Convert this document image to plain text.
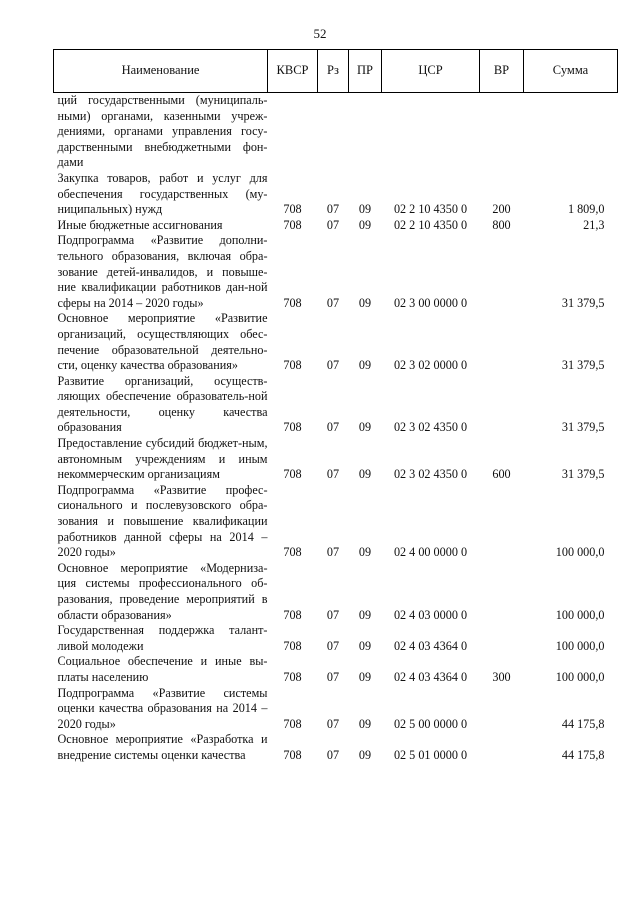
52
Наименование	КВСР	Рз	ПР	ЦСР	ВР	Сумма
ций государственными (муниципаль-ными) органами, казенными учреж-дениями, органами управления госу-дарственными внебюджетными фон-дами						
Закупка товаров, работ и услуг для обеспечения государственных (му-ниципальных) нужд	708	07	09	02 2 10 4350 0	200	1 809,0
Иные бюджетные ассигнования	708	07	09	02 2 10 4350 0	800	21,3
Подпрограмма «Развитие дополни-тельного образования, включая обра-зование детей-инвалидов, и повыше-ние квалификации работников дан-ной сферы на 2014 – 2020 годы»	708	07	09	02 3 00 0000 0		31 379,5
Основное мероприятие «Развитие организаций, осуществляющих обес-печение образовательной деятельно-сти, оценку качества образования»	708	07	09	02 3 02 0000 0		31 379,5
Развитие организаций, осуществ-ляющих обеспечение образователь-ной деятельности, оценку качества образования	708	07	09	02 3 02 4350 0		31 379,5
Предоставление субсидий бюджет-ным, автономным учреждениям и иным некоммерческим организациям	708	07	09	02 3 02 4350 0	600	31 379,5
Подпрограмма «Развитие профес-сионального и послевузовского обра-зования и повышение квалификации работников данной сферы на 2014 – 2020 годы»	708	07	09	02 4 00 0000 0		100 000,0
Основное мероприятие «Модерниза-ция системы профессионального об-разования, проведение мероприятий в области образования»	708	07	09	02 4 03 0000 0		100 000,0
Государственная поддержка талант-ливой молодежи	708	07	09	02 4 03 4364 0		100 000,0
Социальное обеспечение и иные вы-платы населению	708	07	09	02 4 03 4364 0	300	100 000,0
Подпрограмма «Развитие системы оценки качества образования на 2014 – 2020 годы»	708	07	09	02 5 00 0000 0		44 175,8
Основное мероприятие «Разработка и внедрение системы оценки качества	708	07	09	02 5 01 0000 0		44 175,8
